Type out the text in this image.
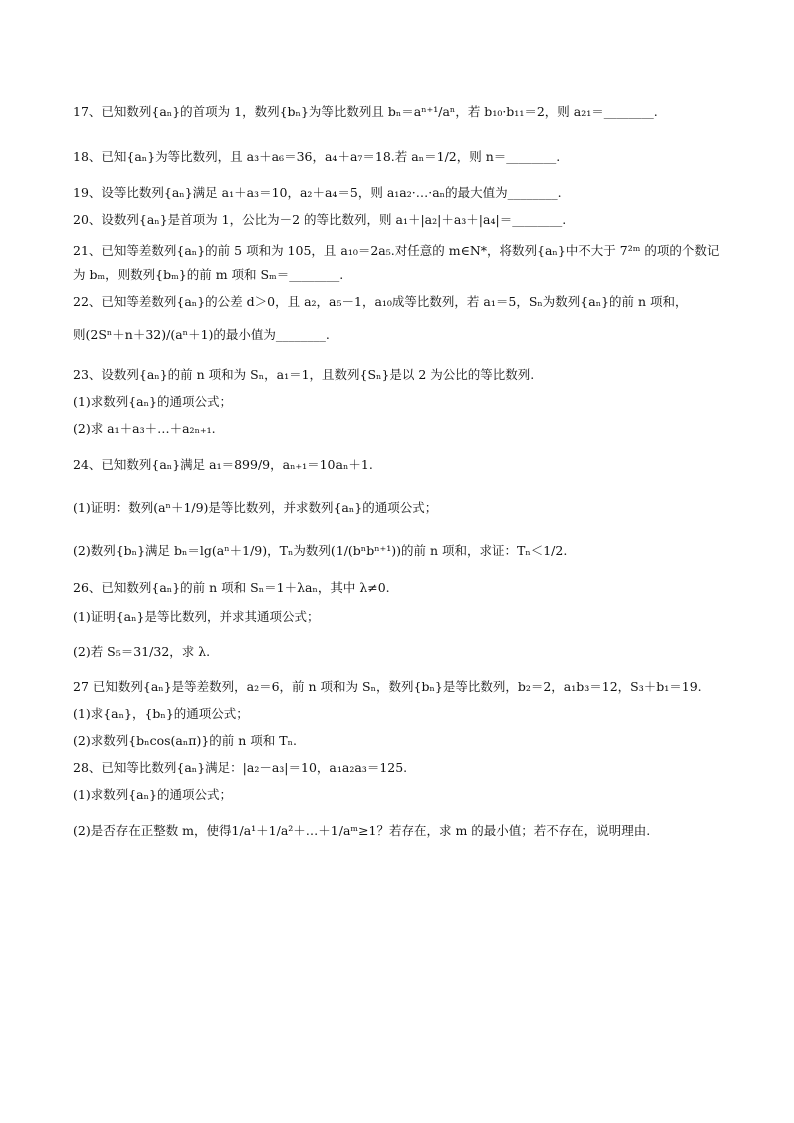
17、已知数列{aₙ}的首项为 1，数列{bₙ}为等比数列且 bₙ＝aⁿ⁺¹/aⁿ，若 b₁₀·b₁₁＝2，则 a₂₁＝________.
18、已知{aₙ}为等比数列，且 a₃＋a₆＝36，a₄＋a₇＝18.若 aₙ＝1/2，则 n＝________.
19、设等比数列{aₙ}满足 a₁＋a₃＝10，a₂＋a₄＝5，则 a₁a₂·…·aₙ的最大值为________.
20、设数列{aₙ}是首项为 1，公比为－2 的等比数列，则 a₁＋|a₂|＋a₃＋|a₄|＝________.
21、已知等差数列{aₙ}的前 5 项和为 105，且 a₁₀＝2a₅.对任意的 m∈N*，将数列{aₙ}中不大于 7²ᵐ 的项的个数记为 bₘ，则数列{bₘ}的前 m 项和 Sₘ＝________.
22、已知等差数列{aₙ}的公差 d＞0，且 a₂，a₅－1，a₁₀成等比数列，若 a₁＝5，Sₙ为数列{aₙ}的前 n 项和，
则(2Sⁿ＋n＋32)/(aⁿ＋1)的最小值为________.
23、设数列{aₙ}的前 n 项和为 Sₙ，a₁＝1，且数列{Sₙ}是以 2 为公比的等比数列.
(1)求数列{aₙ}的通项公式；
(2)求 a₁＋a₃＋…＋a₂ₙ₊₁.
24、已知数列{aₙ}满足 a₁＝899/9，aₙ₊₁＝10aₙ＋1.
(1)证明：数列(aⁿ＋1/9)是等比数列，并求数列{aₙ}的通项公式；
(2)数列{bₙ}满足 bₙ＝lg(aⁿ＋1/9)，Tₙ为数列(1/(bⁿbⁿ⁺¹))的前 n 项和，求证：Tₙ＜1/2.
26、已知数列{aₙ}的前 n 项和 Sₙ＝1＋λaₙ，其中 λ≠0.
(1)证明{aₙ}是等比数列，并求其通项公式；
(2)若 S₅＝31/32，求 λ.
27 已知数列{aₙ}是等差数列，a₂＝6，前 n 项和为 Sₙ，数列{bₙ}是等比数列，b₂＝2，a₁b₃＝12，S₃＋b₁＝19.
(1)求{aₙ}，{bₙ}的通项公式；
(2)求数列{bₙcos(aₙπ)}的前 n 项和 Tₙ.
28、已知等比数列{aₙ}满足：|a₂－a₃|＝10，a₁a₂a₃＝125.
(1)求数列{aₙ}的通项公式；
(2)是否存在正整数 m，使得1/a¹＋1/a²＋…＋1/aᵐ≥1？若存在，求 m 的最小值；若不存在，说明理由.
